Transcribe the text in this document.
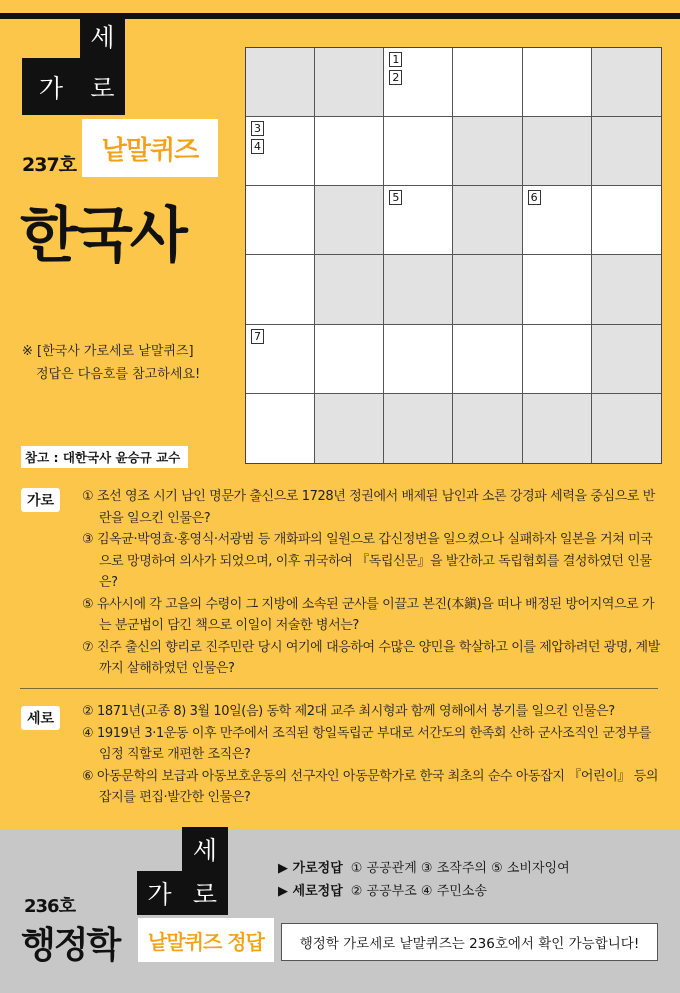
세
가	로
낱말퀴즈
237호
한국사
※ [한국사 가로세로 낱말퀴즈]
정답은 다음호를 참고하세요!
참고 : 대한국사 윤승규 교수
1
2
3
4
5	6
7
가로	① 조선 영조 시기 남인 명문가 출신으로 1728년 정권에서 배제된 남인과 소론 강경파 세력을 중심으로 반란을 일으킨 인물은?

③ 김옥균·박영효·홍영식·서광범 등 개화파의 일원으로 갑신정변을 일으켰으나 실패하자 일본을 거쳐 미국으로 망명하여 의사가 되었으며, 이후 귀국하여 『독립신문』을 발간하고 독립협회를 결성하였던 인물은?

⑤ 유사시에 각 고을의 수령이 그 지방에 소속된 군사를 이끌고 본진(本鎭)을 떠나 배정된 방어지역으로 가는 분군법이 담긴 책으로 이일이 저술한 병서는?

⑦ 진주 출신의 향리로 진주민란 당시 여기에 대응하여 수많은 양민을 학살하고 이를 제압하려던 광명, 계발까지 살해하였던 인물은?

세로	② 1871년(고종 8) 3월 10일(음) 동학 제2대 교주 최시형과 함께 영해에서 봉기를 일으킨 인물은?

④ 1919년 3·1운동 이후 만주에서 조직된 항일독립군 부대로 서간도의 한족회 산하 군사조직인 군정부를 임정 직할로 개편한 조직은?

⑥ 아동문학의 보급과 아동보호운동의 선구자인 아동문학가로 한국 최초의 순수 아동잡지 『어린이』 등의 잡지를 편집·발간한 인물은?

세
가 로
낱말퀴즈 정답
236호
행정학
▶ 가로정답 ① 공공관계 ③ 조작주의 ⑤ 소비자잉여
▶ 세로정답 ② 공공부조 ④ 주민소송
행정학 가로세로 낱말퀴즈는 236호에서 확인 가능합니다!
